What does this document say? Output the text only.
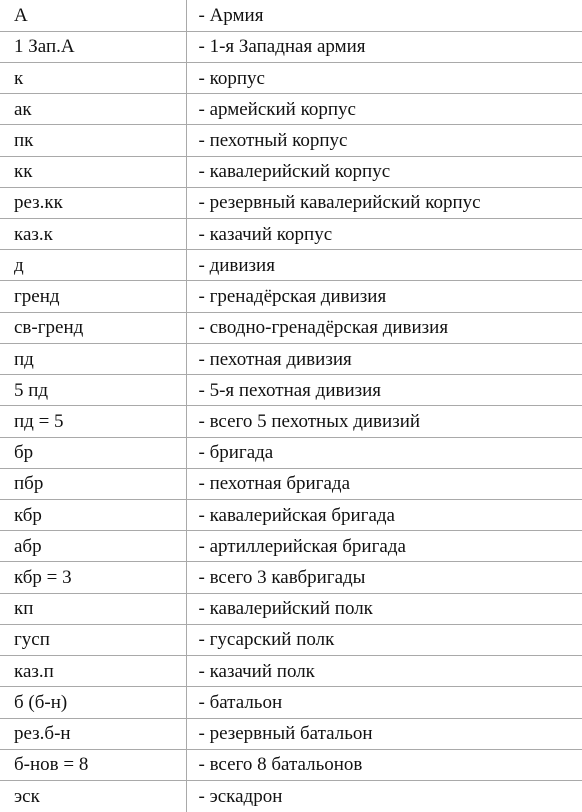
А	- Армия
1 Зап.А	- 1-я Западная армия
к	- корпус
ак	- армейский корпус
пк	- пехотный корпус
кк	- кавалерийский корпус
рез.кк	- резервный кавалерийский корпус
каз.к	- казачий корпус
д	- дивизия
гренд	- гренадёрская дивизия
св-гренд	- сводно-гренадёрская дивизия
пд	- пехотная дивизия
5 пд	- 5-я пехотная дивизия
пд = 5	- всего 5 пехотных дивизий
бр	- бригада
пбр	- пехотная бригада
кбр	- кавалерийская бригада
абр	- артиллерийская бригада
кбр = 3	- всего 3 кавбригады
кп	- кавалерийский полк
гусп	- гусарский полк
каз.п	- казачий полк
б (б-н)	- батальон
рез.б-н	- резервный батальон
б-нов = 8	- всего 8 батальонов
эск	- эскадрон
